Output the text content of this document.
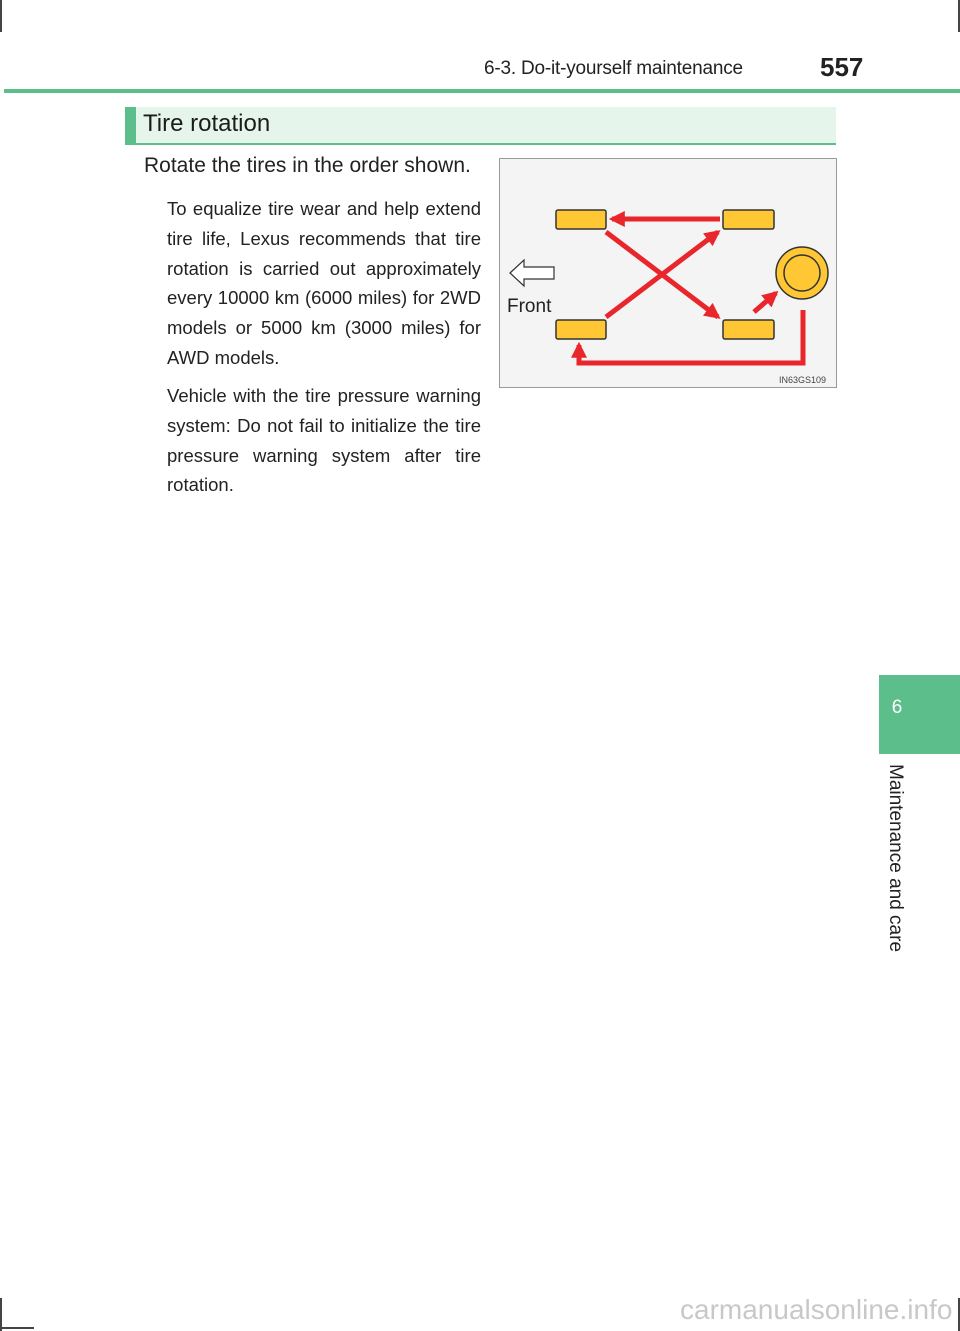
6-3. Do-it-yourself maintenance	557
Tire rotation
Rotate the tires in the order shown.
To equalize tire wear and help extend tire life, Lexus recommends that tire rotation is carried out approximately every 10000 km (6000 miles) for 2WD models or 5000 km (3000 miles) for AWD models.
Vehicle with the tire pressure warning system: Do not fail to initialize the tire pressure warning system after tire rotation.
Front
IN63GS109
6
Maintenance and care
carmanualsonline.info
